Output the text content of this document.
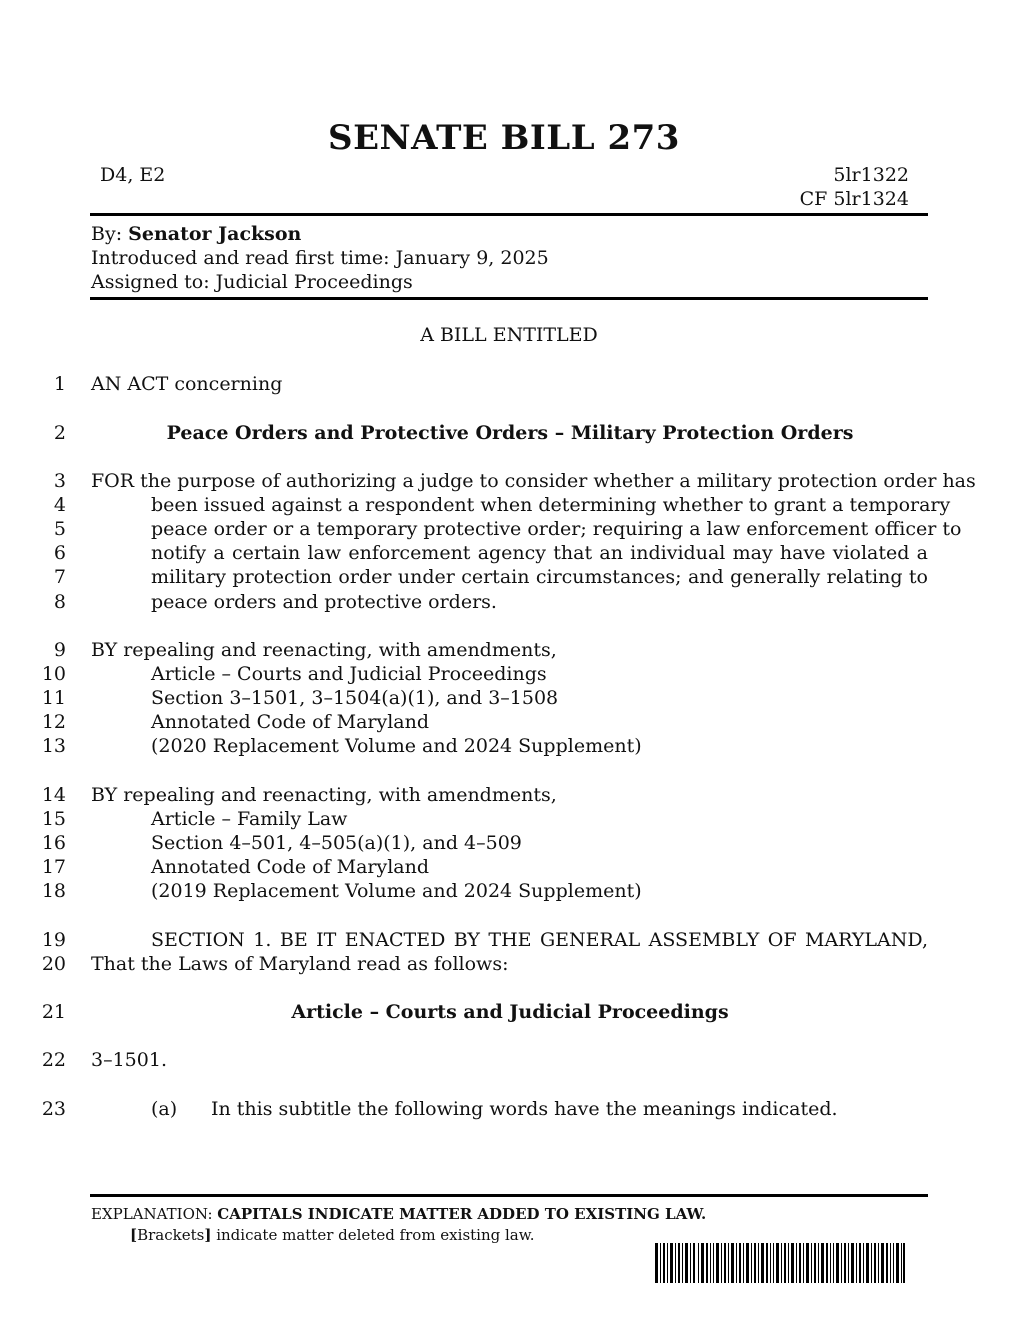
SENATE BILL 273
D4, E2	5lr1322
CF 5lr1324
By: Senator Jackson
Introduced and read first time: January 9, 2025
Assigned to: Judicial Proceedings
A BILL ENTITLED
1
2
3
4
5
6
7
8
9
10
11
12
13
14
15
16
17
18
19
20
21
22
23
AN ACT concerning
Peace Orders and Protective Orders – Military Protection Orders
FOR the purpose of authorizing a judge to consider whether a military protection order has
been issued against a respondent when determining whether to grant a temporary
peace order or a temporary protective order; requiring a law enforcement officer to
notify a certain law enforcement agency that an individual may have violated a
military protection order under certain circumstances; and generally relating to
peace orders and protective orders.
BY repealing and reenacting, with amendments,
Article – Courts and Judicial Proceedings
Section 3–1501, 3–1504(a)(1), and 3–1508
Annotated Code of Maryland
(2020 Replacement Volume and 2024 Supplement)
BY repealing and reenacting, with amendments,
Article – Family Law
Section 4–501, 4–505(a)(1), and 4–509
Annotated Code of Maryland
(2019 Replacement Volume and 2024 Supplement)
SECTION 1. BE IT ENACTED BY THE GENERAL ASSEMBLY OF MARYLAND,
That the Laws of Maryland read as follows:
Article – Courts and Judicial Proceedings
3–1501.
(a) In this subtitle the following words have the meanings indicated.
EXPLANATION: CAPITALS INDICATE MATTER ADDED TO EXISTING LAW.
[Brackets] indicate matter deleted from existing law.
